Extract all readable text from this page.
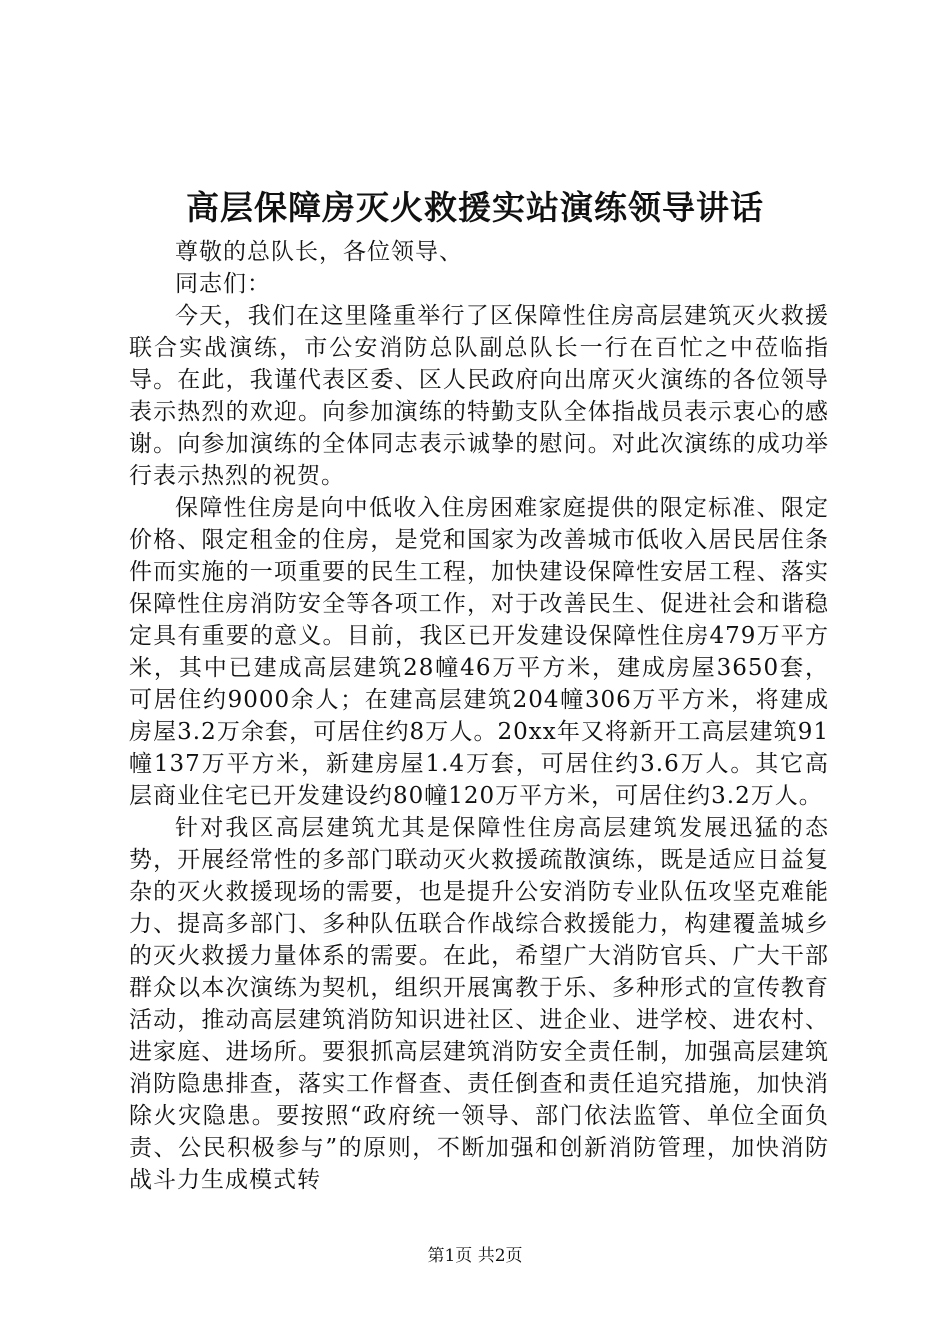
高层保障房灭火救援实站演练领导讲话

尊敬的总队长，各位领导、

同志们：

今天，我们在这里隆重举行了区保障性住房高层建筑灭火救援联合实战演练，市公安消防总队副总队长一行在百忙之中莅临指导。在此，我谨代表区委、区人民政府向出席灭火演练的各位领导表示热烈的欢迎。向参加演练的特勤支队全体指战员表示衷心的感谢。向参加演练的全体同志表示诚挚的慰问。对此次演练的成功举行表示热烈的祝贺。

保障性住房是向中低收入住房困难家庭提供的限定标准、限定价格、限定租金的住房，是党和国家为改善城市低收入居民居住条件而实施的一项重要的民生工程，加快建设保障性安居工程、落实保障性住房消防安全等各项工作，对于改善民生、促进社会和谐稳定具有重要的意义。目前，我区已开发建设保障性住房479万平方米，其中已建成高层建筑28幢46万平方米，建成房屋3650套，可居住约9000余人；在建高层建筑204幢306万平方米，将建成房屋3.2万余套，可居住约8万人。20xx年又将新开工高层建筑91幢137万平方米，新建房屋1.4万套，可居住约3.6万人。其它高层商业住宅已开发建设约80幢120万平方米，可居住约3.2万人。

针对我区高层建筑尤其是保障性住房高层建筑发展迅猛的态势，开展经常性的多部门联动灭火救援疏散演练，既是适应日益复杂的灭火救援现场的需要，也是提升公安消防专业队伍攻坚克难能力、提高多部门、多种队伍联合作战综合救援能力，构建覆盖城乡的灭火救援力量体系的需要。在此，希望广大消防官兵、广大干部群众以本次演练为契机，组织开展寓教于乐、多种形式的宣传教育活动，推动高层建筑消防知识进社区、进企业、进学校、进农村、进家庭、进场所。要狠抓高层建筑消防安全责任制，加强高层建筑消防隐患排查，落实工作督查、责任倒查和责任追究措施，加快消除火灾隐患。要按照“政府统一领导、部门依法监管、单位全面负责、公民积极参与”的原则，不断加强和创新消防管理，加快消防战斗力生成模式转

第1页 共2页
